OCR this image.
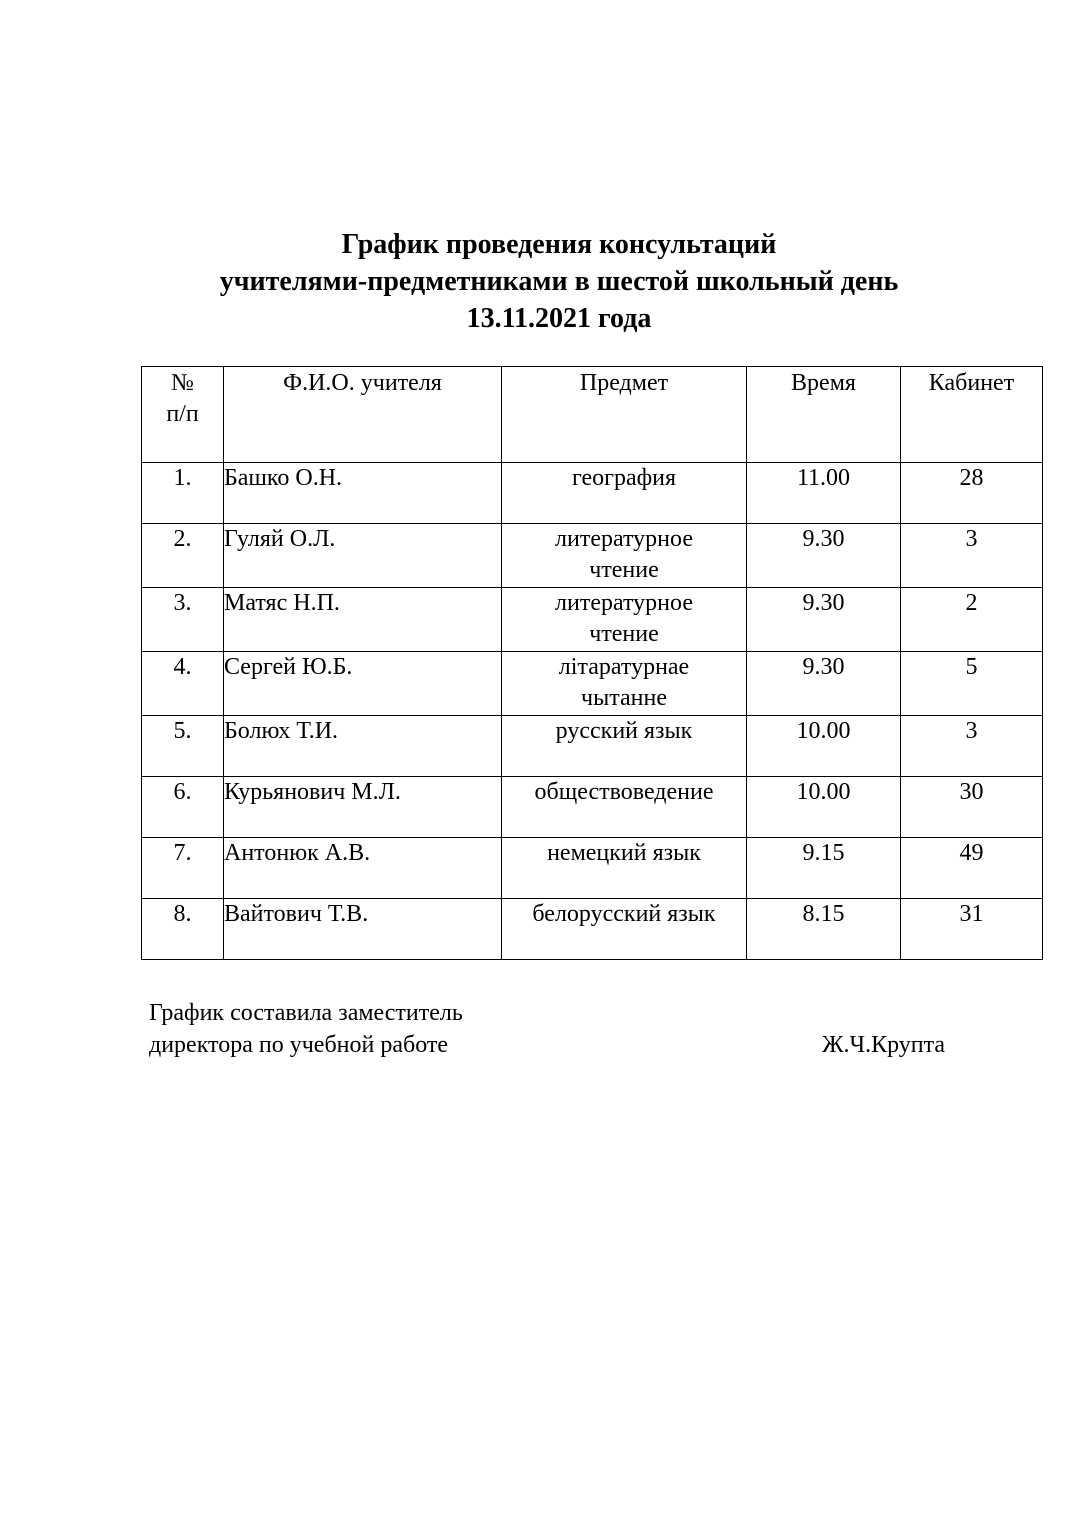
График проведения консультаций
учителями-предметниками в шестой школьный день
13.11.2021 года
№
п/п	Ф.И.О. учителя	Предмет	Время	Кабинет
1.	Башко О.Н.	география	11.00	28
2.	Гуляй О.Л.	литературное
чтение	9.30	3
3.	Матяс Н.П.	литературное
чтение	9.30	2
4.	Сергей Ю.Б.	літаратурнае
чытанне	9.30	5
5.	Болюх Т.И.	русский язык	10.00	3
6.	Курьянович М.Л.	обществоведение	10.00	30
7.	Антонюк А.В.	немецкий язык	9.15	49
8.	Вайтович Т.В.	белорусский язык	8.15	31
График составила заместитель
директора по учебной работе	Ж.Ч.Крупта
